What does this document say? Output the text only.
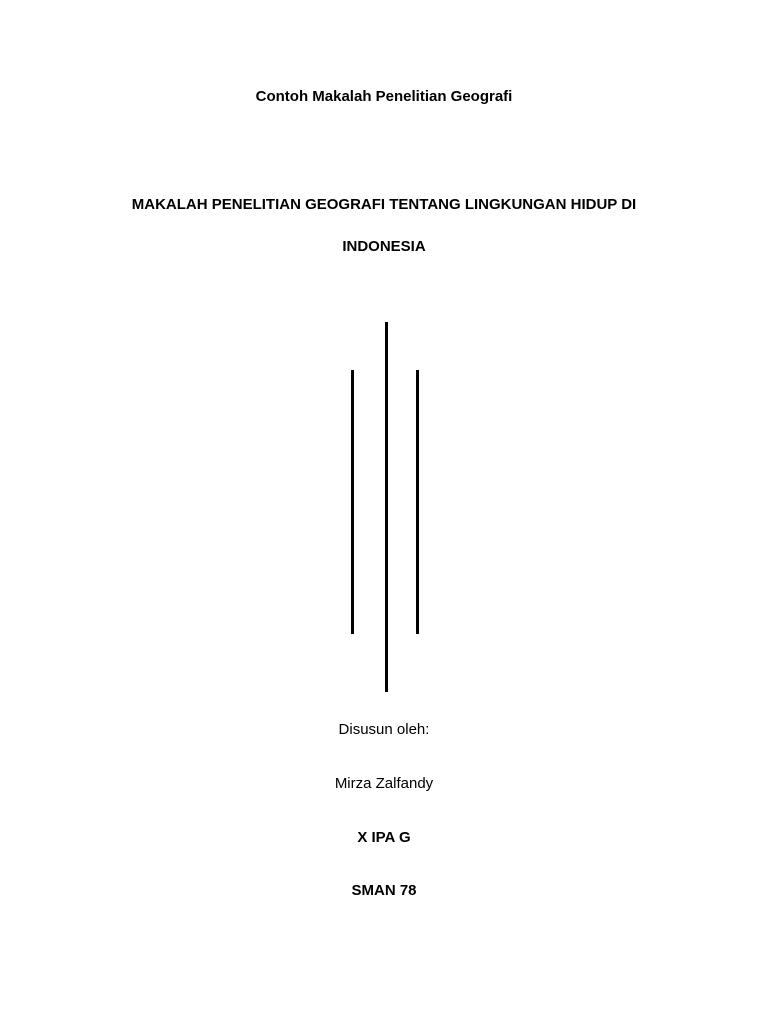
Contoh Makalah Penelitian Geografi
MAKALAH PENELITIAN GEOGRAFI TENTANG LINGKUNGAN HIDUP DI
INDONESIA
Disusun oleh:
Mirza Zalfandy
X IPA G
SMAN 78
